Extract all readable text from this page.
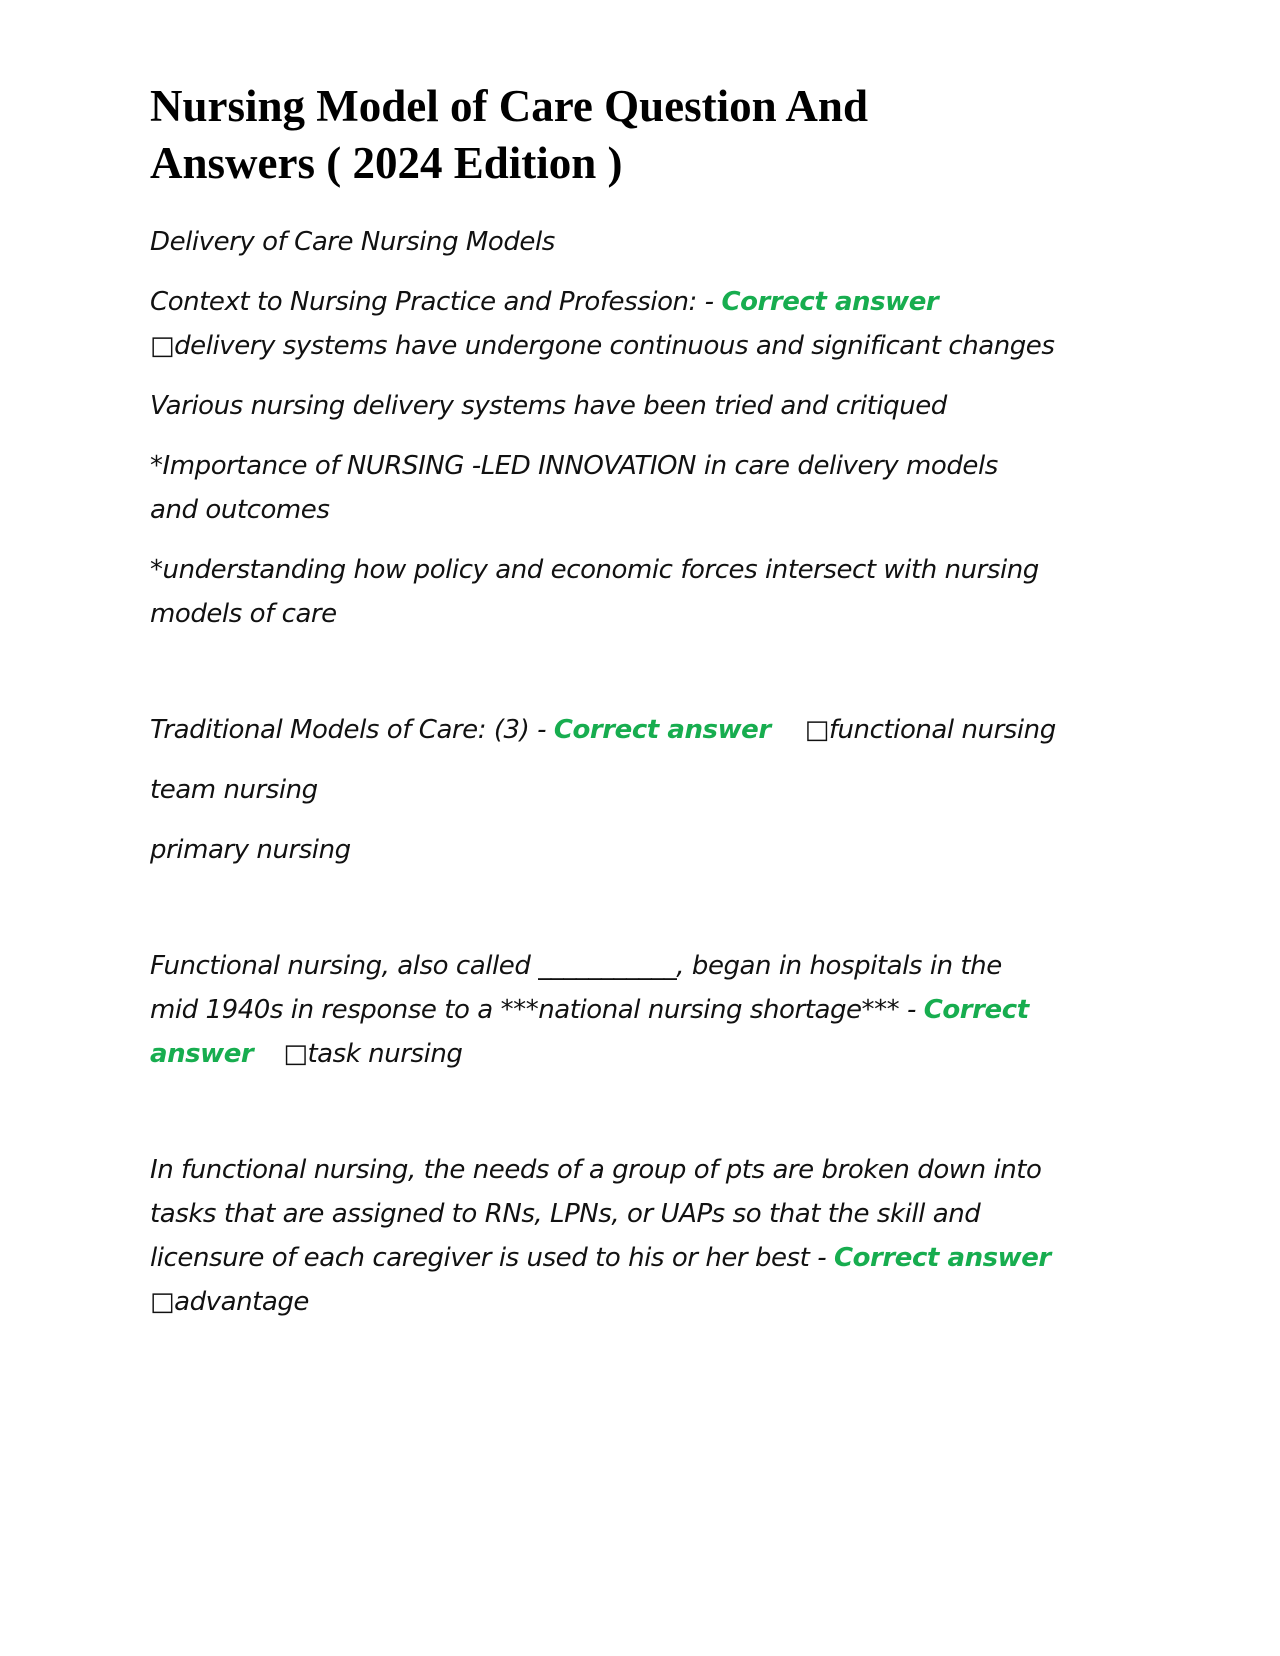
Nursing Model of Care Question And
Answers ( 2024 Edition )

Delivery of Care Nursing Models

Context to Nursing Practice and Profession: - Correct answer

□delivery systems have undergone continuous and significant changes

Various nursing delivery systems have been tried and critiqued

*Importance of NURSING -LED INNOVATION in care delivery models
and outcomes

*understanding how policy and economic forces intersect with nursing
models of care

Traditional Models of Care: (3) - Correct answer □functional nursing

team nursing

primary nursing

Functional nursing, also called ___________, began in hospitals in the
mid 1940s in response to a ***national nursing shortage*** - Correct
answer □task nursing

In functional nursing, the needs of a group of pts are broken down into
tasks that are assigned to RNs, LPNs, or UAPs so that the skill and
licensure of each caregiver is used to his or her best - Correct answer
□advantage
